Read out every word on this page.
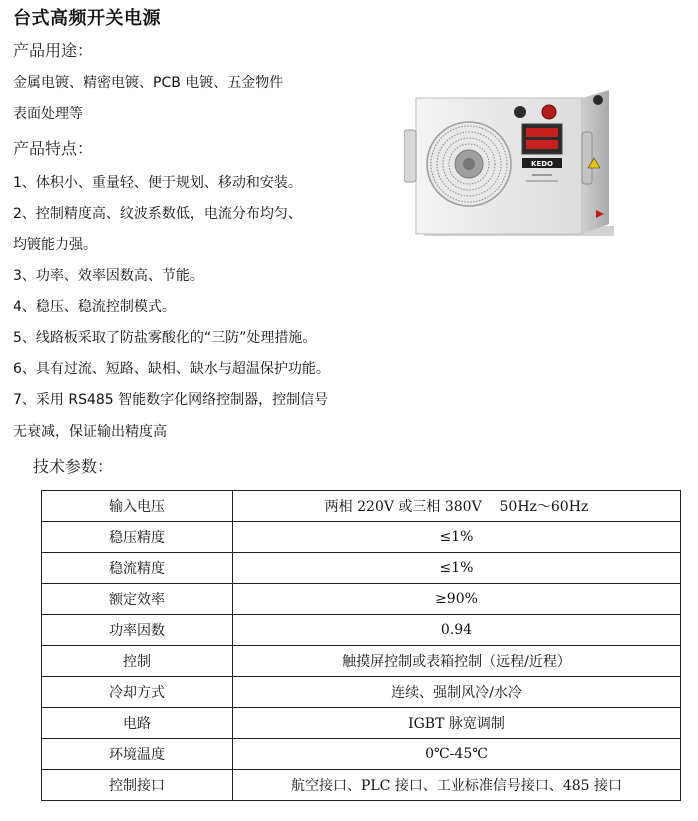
台式高频开关电源
产品用途：
金属电镀、精密电镀、PCB 电镀、五金物件
表面处理等
产品特点：
1、体积小、重量轻、便于规划、移动和安装。
2、控制精度高、纹波系数低，电流分布均匀、
均镀能力强。
3、功率、效率因数高、节能。
4、稳压、稳流控制模式。
5、线路板采取了防盐雾酸化的“三防”处理措施。
6、具有过流、短路、缺相、缺水与超温保护功能。
7、采用 RS485 智能数字化网络控制器，控制信号
无衰减，保证输出精度高
技术参数：
KEDO
输入电压	两相 220V 或三相 380V    50Hz～60Hz
稳压精度	≤1%
稳流精度	≤1%
额定效率	≥90%
功率因数	0.94
控制	触摸屏控制或表箱控制（远程/近程）
冷却方式	连续、强制风冷/水冷
电路	IGBT 脉宽调制
环境温度	0℃-45℃
控制接口	航空接口、PLC 接口、工业标准信号接口、485 接口
